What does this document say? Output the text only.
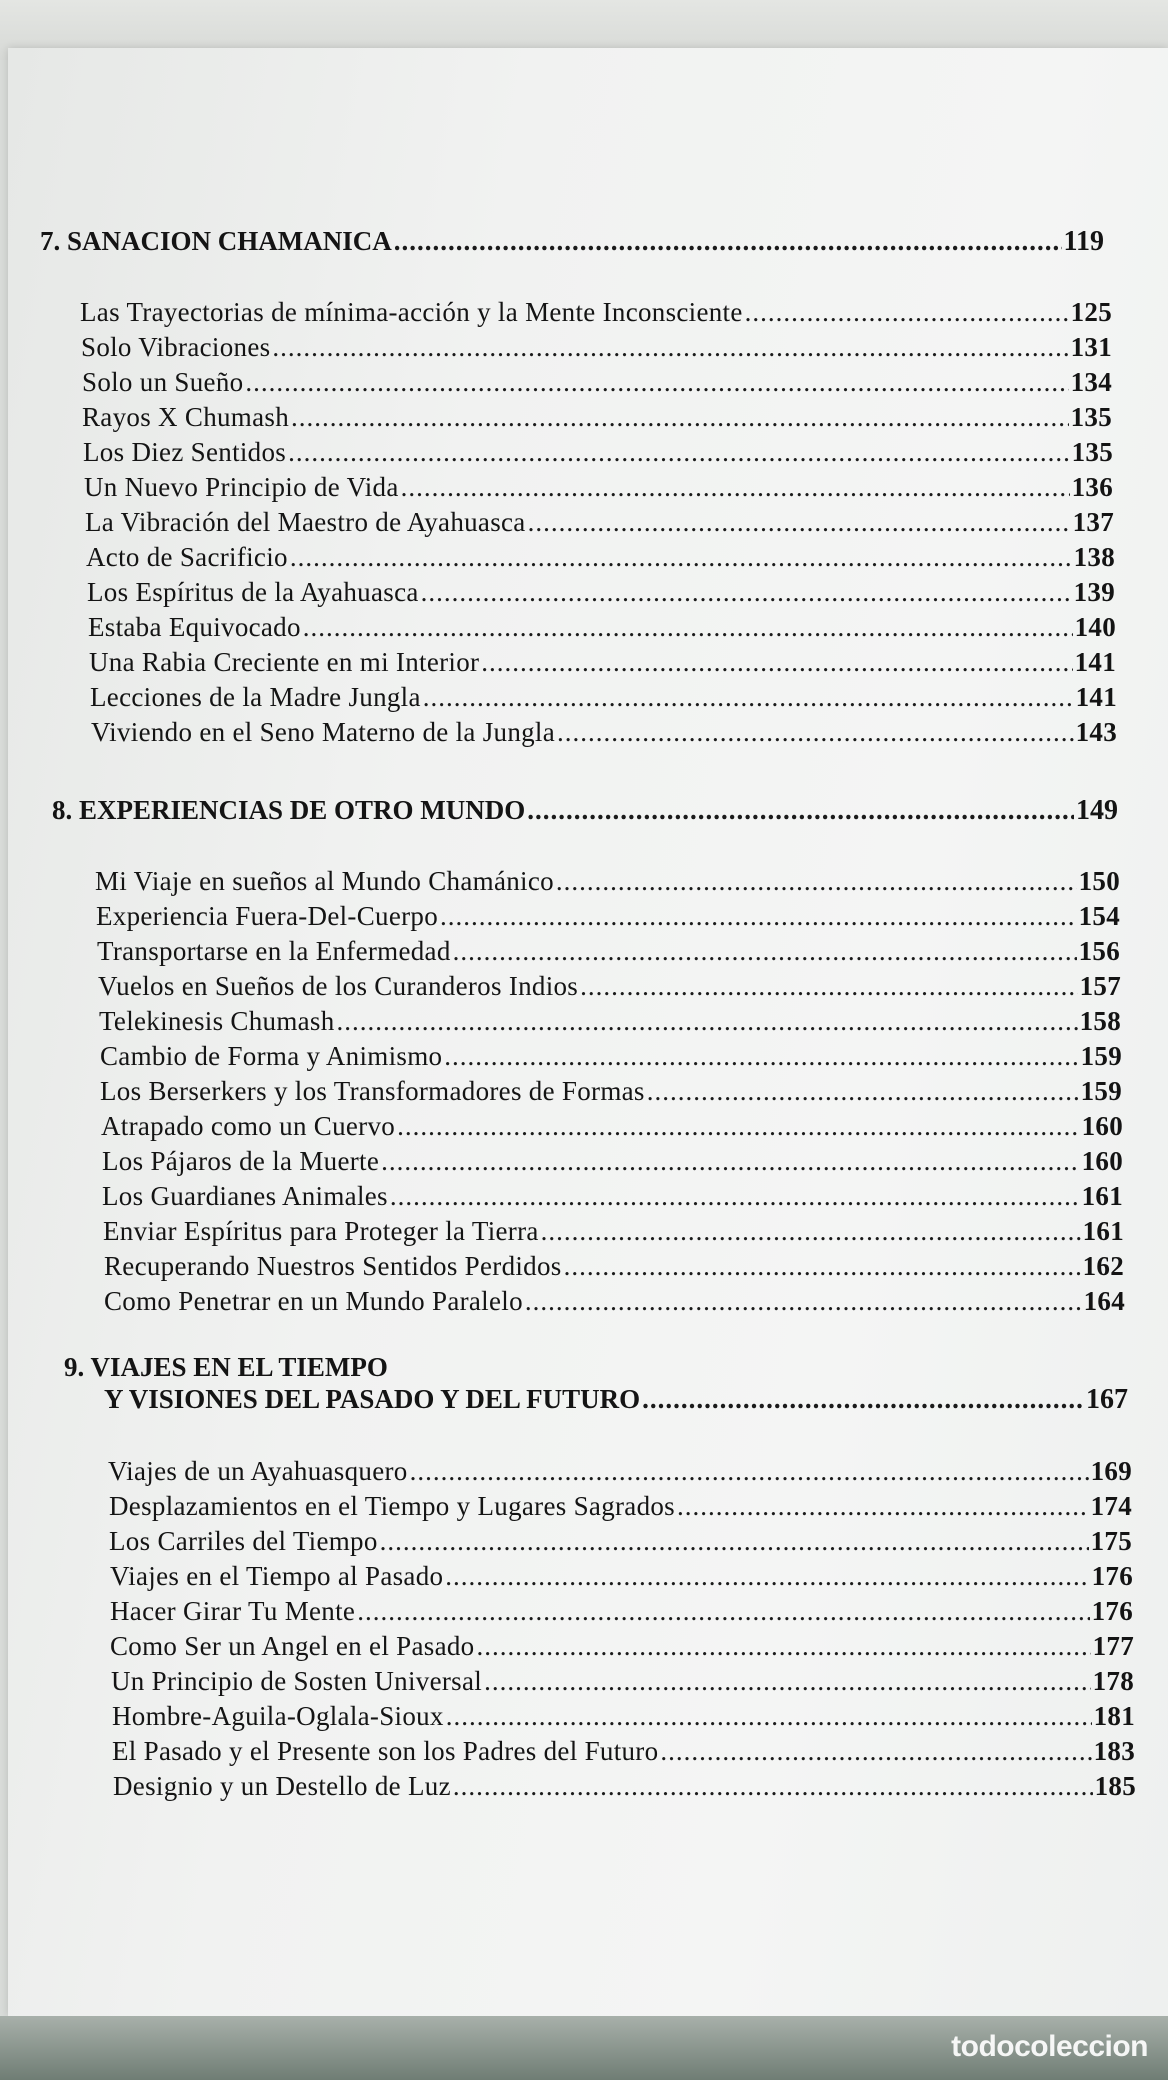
7. SANACION CHAMANICA .....	119
Las Trayectorias de mínima-acción y la Mente Inconsciente .....	125
Solo Vibraciones .....	131
Solo un Sueño .....	134
Rayos X Chumash .....	135
Los Diez Sentidos .....	135
Un Nuevo Principio de Vida .....	136
La Vibración del Maestro de Ayahuasca .....	137
Acto de Sacrificio .....	138
Los Espíritus de la Ayahuasca .....	139
Estaba Equivocado .....	140
Una Rabia Creciente en mi Interior .....	141
Lecciones de la Madre Jungla .....	141
Viviendo en el Seno Materno de la Jungla .....	143
8. EXPERIENCIAS DE OTRO MUNDO .....	149
Mi Viaje en sueños al Mundo Chamánico .....	150
Experiencia Fuera-Del-Cuerpo .....	154
Transportarse en la Enfermedad .....	156
Vuelos en Sueños de los Curanderos Indios .....	157
Telekinesis Chumash .....	158
Cambio de Forma y Animismo .....	159
Los Berserkers y los Transformadores de Formas .....	159
Atrapado como un Cuervo .....	160
Los Pájaros de la Muerte .....	160
Los Guardianes Animales .....	161
Enviar Espíritus para Proteger la Tierra .....	161
Recuperando Nuestros Sentidos Perdidos .....	162
Como Penetrar en un Mundo Paralelo .....	164
9. VIAJES EN EL TIEMPO
Y VISIONES DEL PASADO Y DEL FUTURO .....	167
Viajes de un Ayahuasquero .....	169
Desplazamientos en el Tiempo y Lugares Sagrados .....	174
Los Carriles del Tiempo .....	175
Viajes en el Tiempo al Pasado .....	176
Hacer Girar Tu Mente .....	176
Como Ser un Angel en el Pasado .....	177
Un Principio de Sosten Universal .....	178
Hombre-Aguila-Oglala-Sioux .....	181
El Pasado y el Presente son los Padres del Futuro .....	183
Designio y un Destello de Luz .....	185
todocoleccion
